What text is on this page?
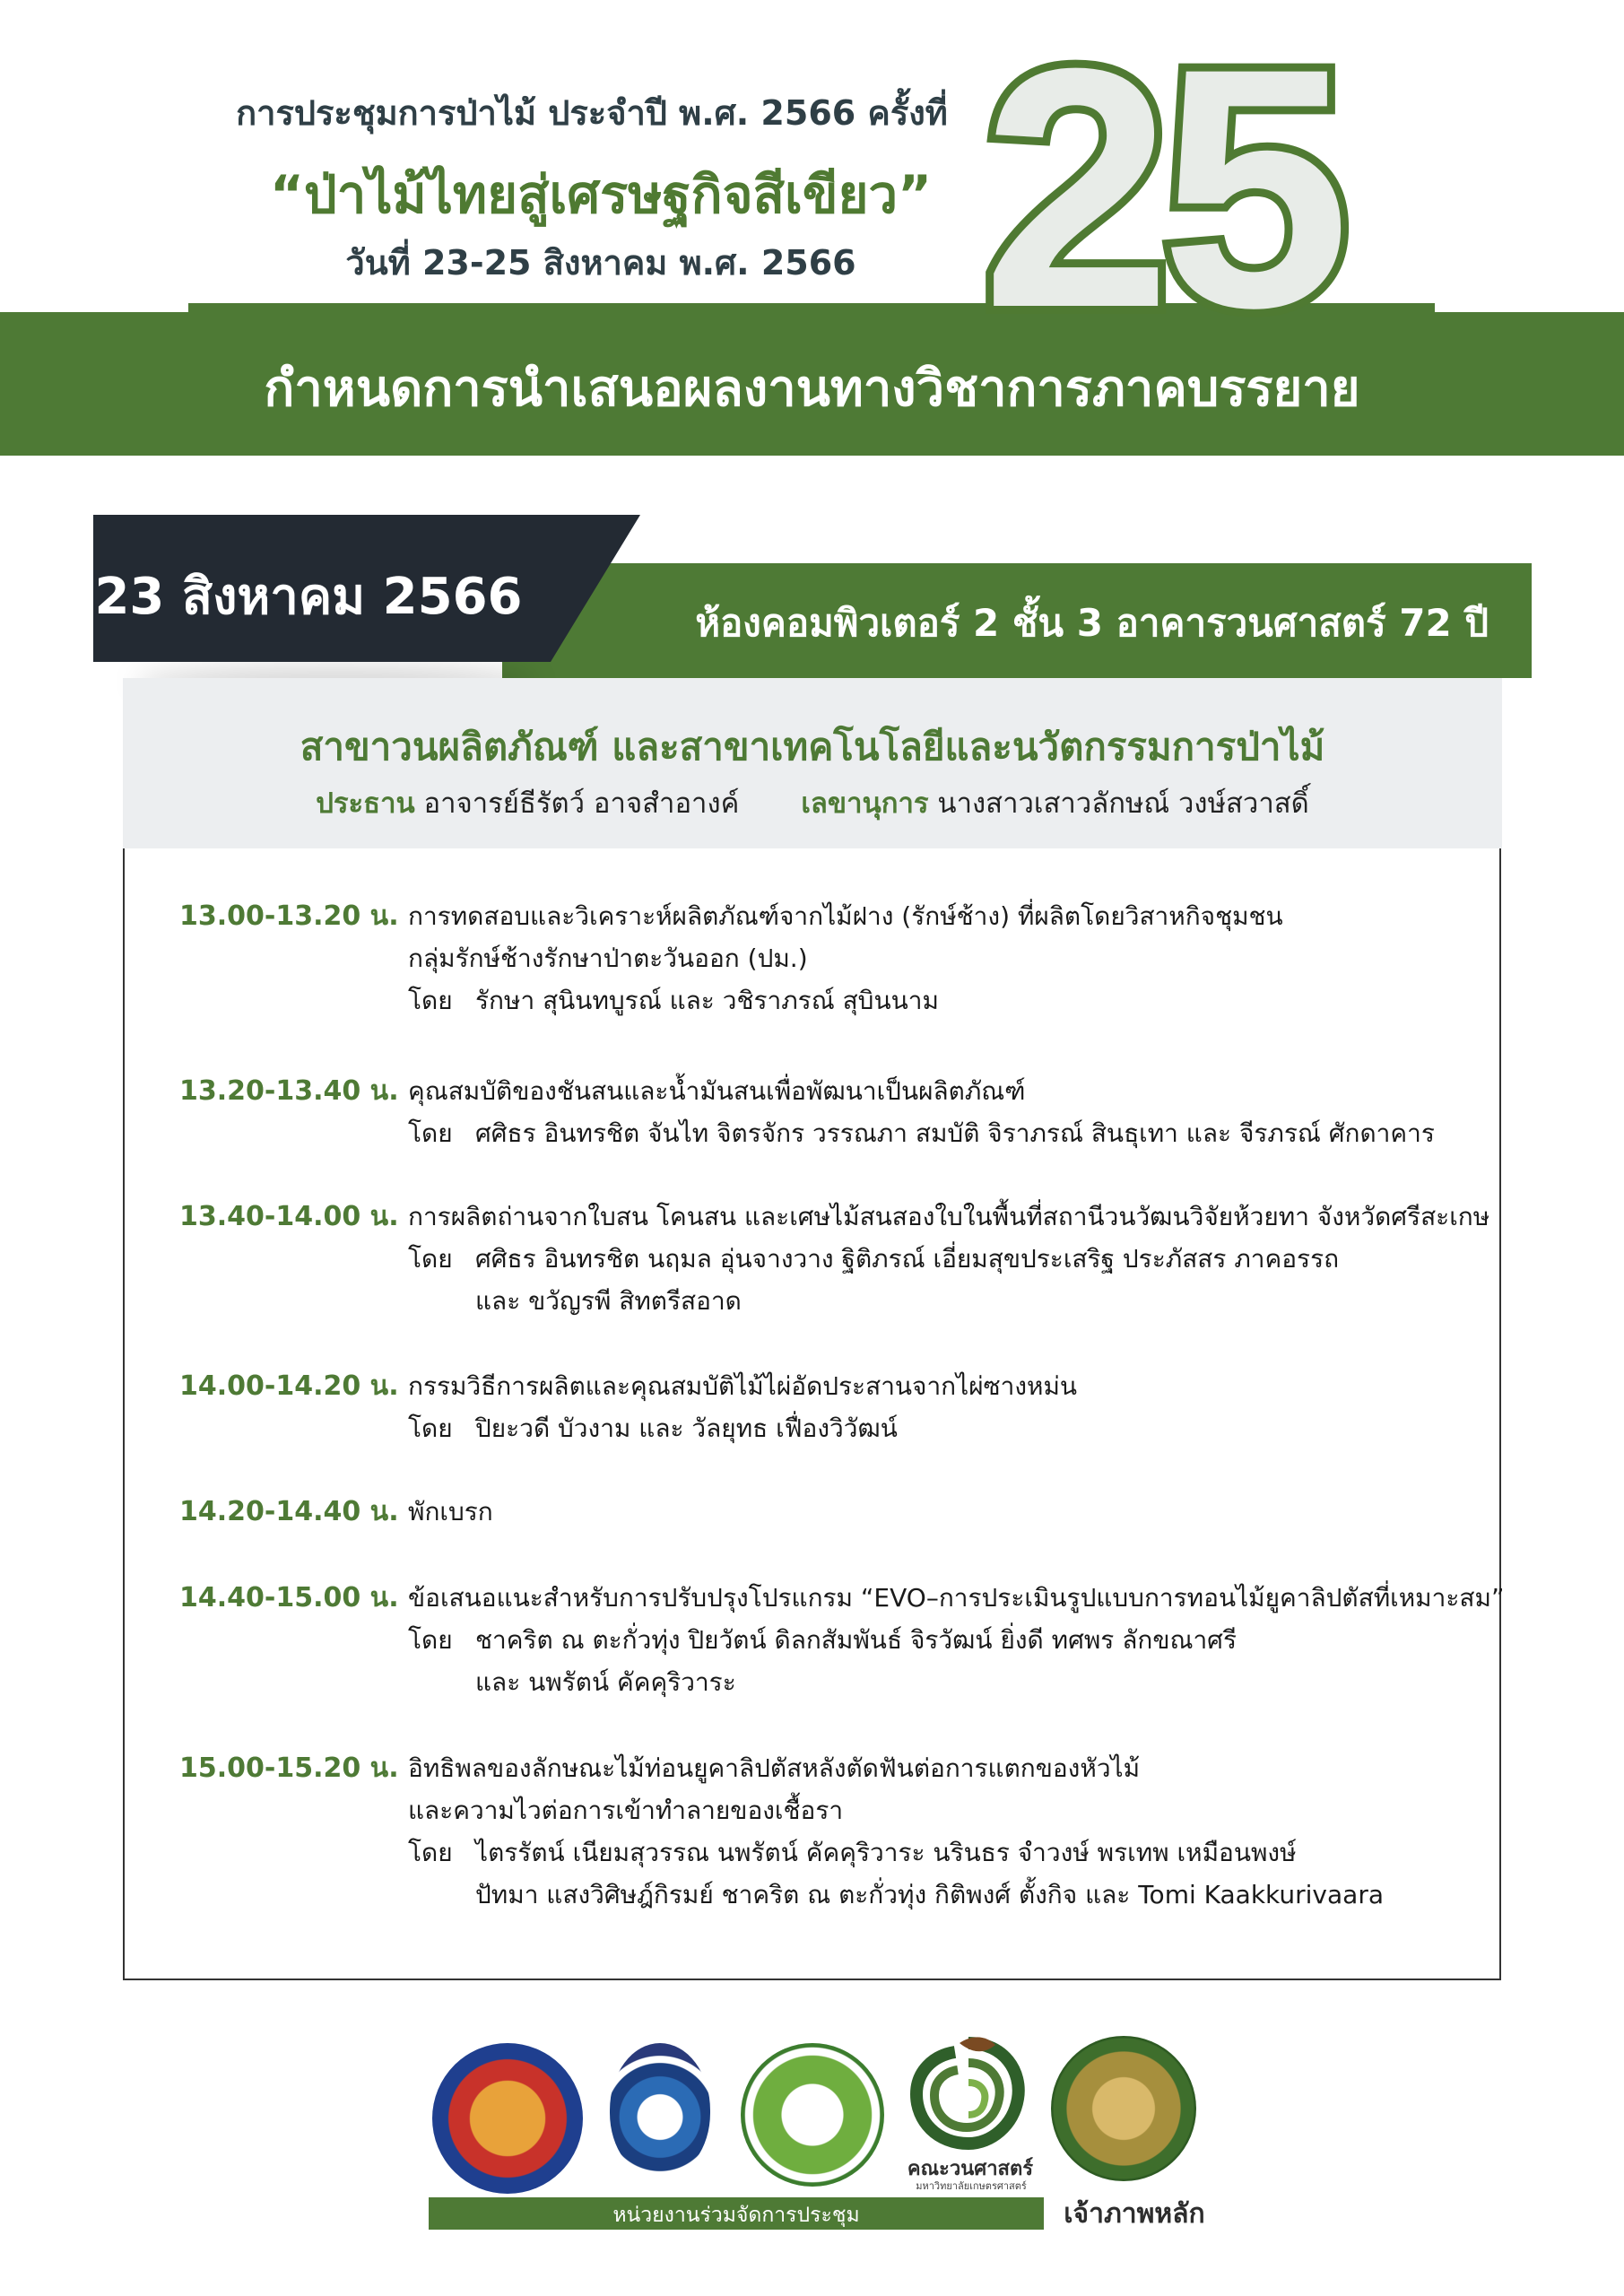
การประชุมการป่าไม้ ประจำปี พ.ศ. 2566 ครั้งที่
“ป่าไม้ไทยสู่เศรษฐกิจสีเขียว”
วันที่ 23-25 สิงหาคม พ.ศ. 2566 25
กำหนดการนำเสนอผลงานทางวิชาการภาคบรรยาย
ห้องคอมพิวเตอร์ 2 ชั้น 3 อาคารวนศาสตร์ 72 ปี
23 สิงหาคม 2566
สาขาวนผลิตภัณฑ์ และสาขาเทคโนโลยีและนวัตกรรมการป่าไม้
ประธาน อาจารย์ธีรัตว์ อาจสำอางค์ เลขานุการ นางสาวเสาวลักษณ์ วงษ์สวาสดิ์
13.00-13.20 น. การทดสอบและวิเคราะห์ผลิตภัณฑ์จากไม้ฝาง (รักษ์ช้าง) ที่ผลิตโดยวิสาหกิจชุมชน
กลุ่มรักษ์ช้างรักษาป่าตะวันออก (ปม.)
โดย รักษา สุนินทบูรณ์ และ วชิราภรณ์ สุบินนาม
13.20-13.40 น. คุณสมบัติของชันสนและน้ำมันสนเพื่อพัฒนาเป็นผลิตภัณฑ์
โดย ศศิธร อินทรชิต จันไท จิตรจักร วรรณภา สมบัติ จิราภรณ์ สินธุเทา และ จีรภรณ์ ศักดาคาร
13.40-14.00 น. การผลิตถ่านจากใบสน โคนสน และเศษไม้สนสองใบในพื้นที่สถานีวนวัฒนวิจัยห้วยทา จังหวัดศรีสะเกษ
โดย ศศิธร อินทรชิต นฤมล อุ่นจางวาง ฐิติภรณ์ เอี่ยมสุขประเสริฐ ประภัสสร ภาคอรรถ
และ ขวัญรพี สิทตรีสอาด
14.00-14.20 น. กรรมวิธีการผลิตและคุณสมบัติไม้ไผ่อัดประสานจากไผ่ซางหม่น
โดย ปิยะวดี บัวงาม และ วัลยุทธ เฟื่องวิวัฒน์
14.20-14.40 น. พักเบรก
14.40-15.00 น. ข้อเสนอแนะสำหรับการปรับปรุงโปรแกรม “EVO–การประเมินรูปแบบการทอนไม้ยูคาลิปตัสที่เหมาะสม”
โดย ชาคริต ณ ตะกั่วทุ่ง ปิยวัตน์ ดิลกสัมพันธ์ จิรวัฒน์ ยิ่งดี ทศพร ลักขณาศรี
และ นพรัตน์ คัคคุริวาระ
15.00-15.20 น. อิทธิพลของลักษณะไม้ท่อนยูคาลิปตัสหลังตัดฟันต่อการแตกของหัวไม้
และความไวต่อการเข้าทำลายของเชื้อรา
โดย ไตรรัตน์ เนียมสุวรรณ นพรัตน์ คัคคุริวาระ นรินธร จำวงษ์ พรเทพ เหมือนพงษ์
ปัทมา แสงวิศิษฎ์กิรมย์ ชาคริต ณ ตะกั่วทุ่ง กิติพงศ์ ตั้งกิจ และ Tomi Kaakkurivaara
คณะวนศาสตร์
มหาวิทยาลัยเกษตรศาสตร์
หน่วยงานร่วมจัดการประชุม	เจ้าภาพหลัก
